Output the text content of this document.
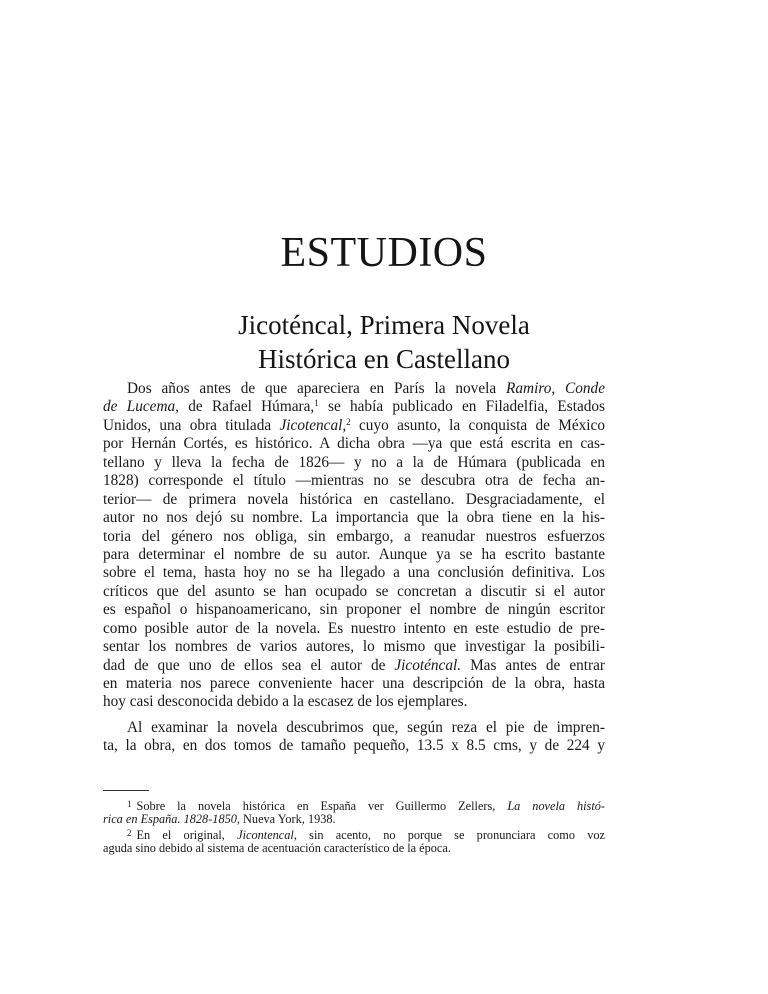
ESTUDIOS
Jicoténcal, Primera Novela
Histórica en Castellano

Dos años antes de que apareciera en París la novela Ramiro, Conde
de Lucema, de Rafael Húmara,$^1$ se había publicado en Filadelfia, Estados
Unidos, una obra titulada Jicotencal,$^2$ cuyo asunto, la conquista de México
por Hernán Cortés, es histórico. A dicha obra —ya que está escrita en cas-
tellano y lleva la fecha de 1826— y no a la de Húmara (publicada en
1828) corresponde el título —mientras no se descubra otra de fecha an-
terior— de primera novela histórica en castellano. Desgraciadamente, el
autor no nos dejó su nombre. La importancia que la obra tiene en la his-
toria del género nos obliga, sin embargo, a reanudar nuestros esfuerzos
para determinar el nombre de su autor. Aunque ya se ha escrito bastante
sobre el tema, hasta hoy no se ha llegado a una conclusión definitiva. Los
críticos que del asunto se han ocupado se concretan a discutir si el autor
es español o hispanoamericano, sin proponer el nombre de ningún escritor
como posible autor de la novela. Es nuestro intento en este estudio de pre-
sentar los nombres de varios autores, lo mismo que investigar la posibili-
dad de que uno de ellos sea el autor de Jicoténcal. Mas antes de entrar
en materia nos parece conveniente hacer una descripción de la obra, hasta
hoy casi desconocida debido a la escasez de los ejemplares.

Al examinar la novela descubrimos que, según reza el pie de impren-
ta, la obra, en dos tomos de tamaño pequeño, 13.5 x 8.5 cms, y de 224 y

$^1$ Sobre la novela histórica en España ver Guillermo Zellers, La novela histó-
rica en España. 1828-1850, Nueva York, 1938.
$^2$ En el original, Jicontencal, sin acento, no porque se pronunciara como voz
aguda sino debido al sistema de acentuación característico de la época.
